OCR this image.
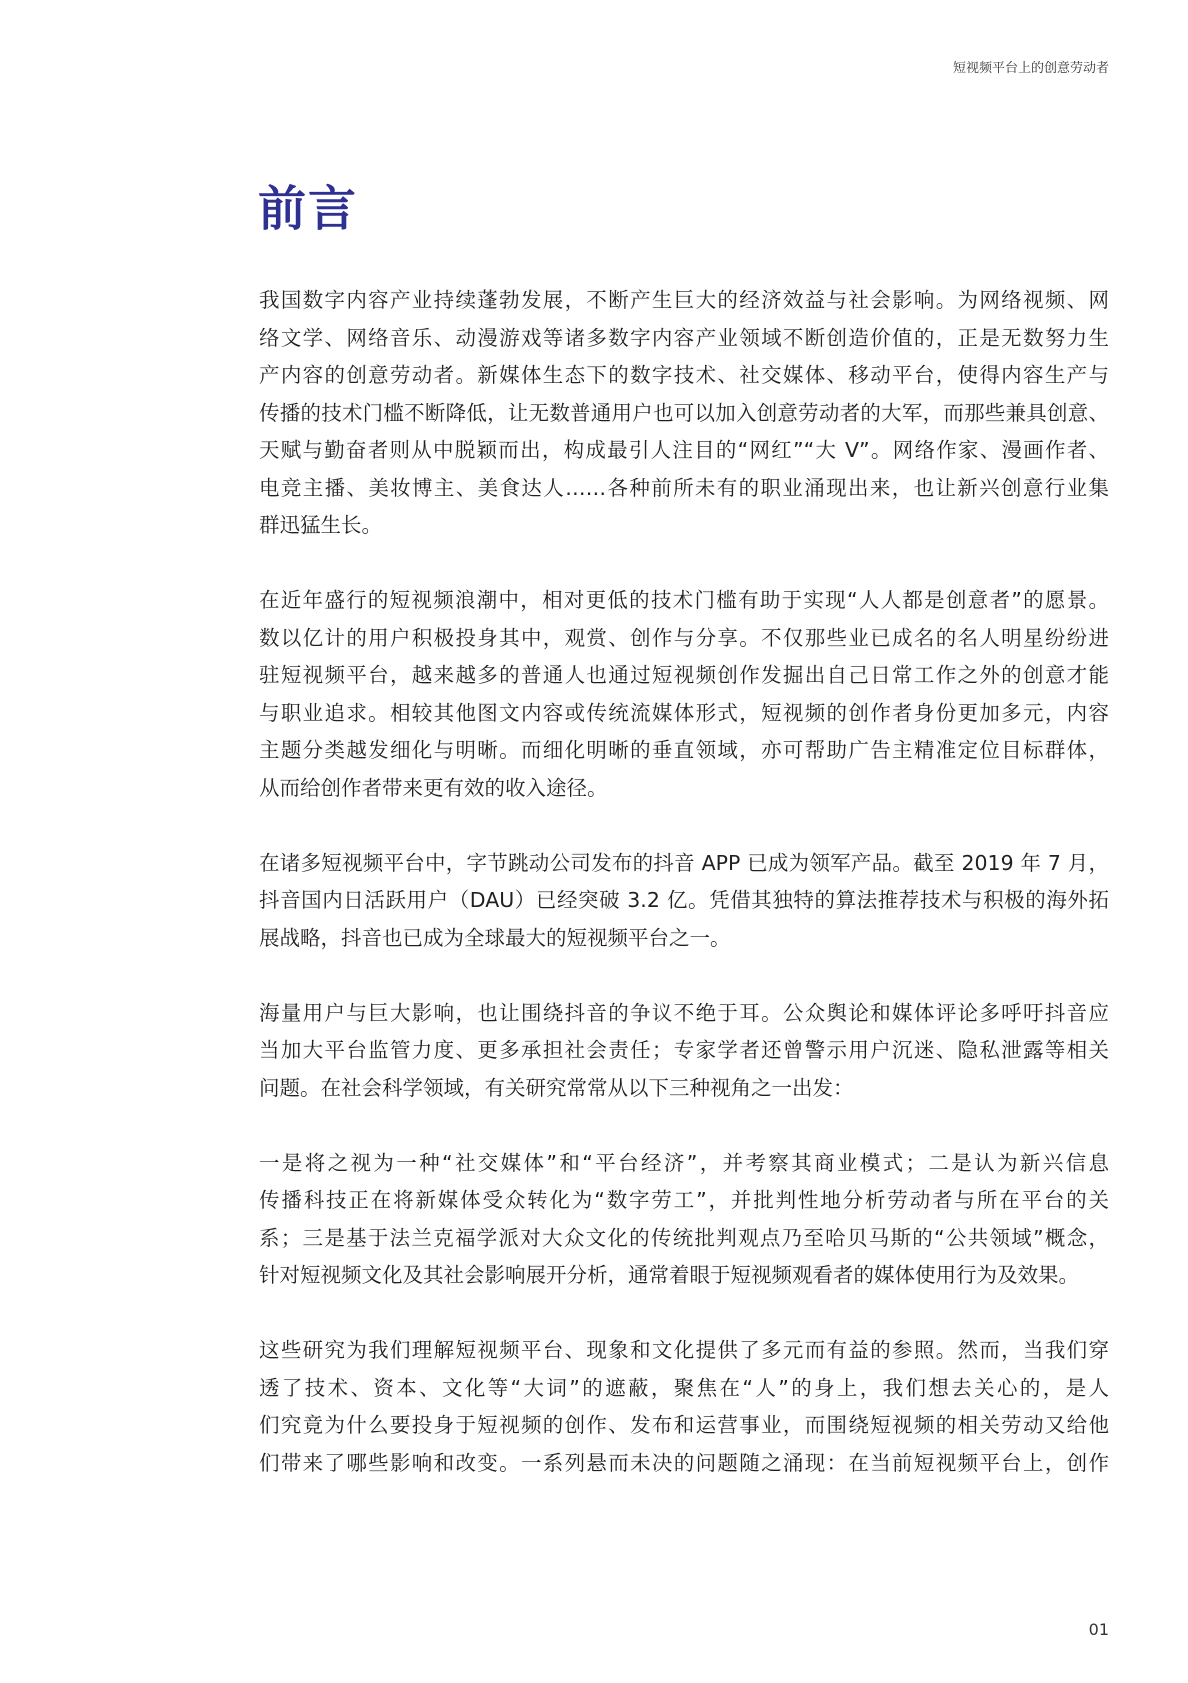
短视频平台上的创意劳动者
前言

我国数字内容产业持续蓬勃发展，不断产生巨大的经济效益与社会影响。为网络视频、网
络文学、网络音乐、动漫游戏等诸多数字内容产业领域不断创造价值的，正是无数努力生
产内容的创意劳动者。新媒体生态下的数字技术、社交媒体、移动平台，使得内容生产与
传播的技术门槛不断降低，让无数普通用户也可以加入创意劳动者的大军，而那些兼具创意、
天赋与勤奋者则从中脱颖而出，构成最引人注目的“网红”“大 V”。网络作家、漫画作者、
电竞主播、美妆博主、美食达人……各种前所未有的职业涌现出来，也让新兴创意行业集
群迅猛生长。

在近年盛行的短视频浪潮中，相对更低的技术门槛有助于实现“人人都是创意者”的愿景。
数以亿计的用户积极投身其中，观赏、创作与分享。不仅那些业已成名的名人明星纷纷进
驻短视频平台，越来越多的普通人也通过短视频创作发掘出自己日常工作之外的创意才能
与职业追求。相较其他图文内容或传统流媒体形式，短视频的创作者身份更加多元，内容
主题分类越发细化与明晰。而细化明晰的垂直领域，亦可帮助广告主精准定位目标群体，
从而给创作者带来更有效的收入途径。

在诸多短视频平台中，字节跳动公司发布的抖音 APP 已成为领军产品。截至 2019 年 7 月，
抖音国内日活跃用户（DAU）已经突破 3.2 亿。凭借其独特的算法推荐技术与积极的海外拓
展战略，抖音也已成为全球最大的短视频平台之一。

海量用户与巨大影响，也让围绕抖音的争议不绝于耳。公众舆论和媒体评论多呼吁抖音应
当加大平台监管力度、更多承担社会责任；专家学者还曾警示用户沉迷、隐私泄露等相关
问题。在社会科学领域，有关研究常常从以下三种视角之一出发：

一是将之视为一种“社交媒体”和“平台经济”，并考察其商业模式；二是认为新兴信息
传播科技正在将新媒体受众转化为“数字劳工”，并批判性地分析劳动者与所在平台的关
系；三是基于法兰克福学派对大众文化的传统批判观点乃至哈贝马斯的“公共领域”概念，
针对短视频文化及其社会影响展开分析，通常着眼于短视频观看者的媒体使用行为及效果。

这些研究为我们理解短视频平台、现象和文化提供了多元而有益的参照。然而，当我们穿
透了技术、资本、文化等“大词”的遮蔽，聚焦在“人”的身上，我们想去关心的，是人
们究竟为什么要投身于短视频的创作、发布和运营事业，而围绕短视频的相关劳动又给他
们带来了哪些影响和改变。一系列悬而未决的问题随之涌现：在当前短视频平台上，创作

01
